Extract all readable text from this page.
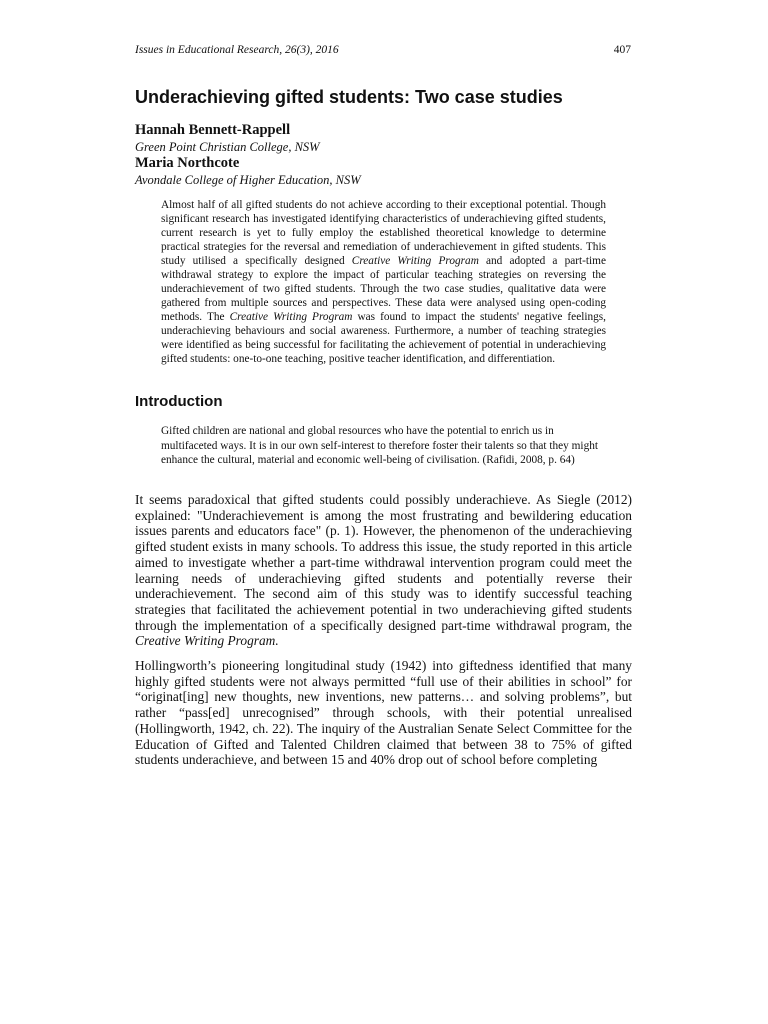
Issues in Educational Research, 26(3), 2016	407
Underachieving gifted students: Two case studies
Hannah Bennett-Rappell
Green Point Christian College, NSW
Maria Northcote
Avondale College of Higher Education, NSW

Almost half of all gifted students do not achieve according to their exceptional potential. Though significant research has investigated identifying characteristics of underachieving gifted students, current research is yet to fully employ the established theoretical knowledge to determine practical strategies for the reversal and remediation of underachievement in gifted students. This study utilised a specifically designed Creative Writing Program and adopted a part-time withdrawal strategy to explore the impact of particular teaching strategies on reversing the underachievement of two gifted students. Through the two case studies, qualitative data were gathered from multiple sources and perspectives. These data were analysed using open-coding methods. The Creative Writing Program was found to impact the students' negative feelings, underachieving behaviours and social awareness. Furthermore, a number of teaching strategies were identified as being successful for facilitating the achievement of potential in underachieving gifted students: one-to-one teaching, positive teacher identification, and differentiation.

Introduction

Gifted children are national and global resources who have the potential to enrich us in multifaceted ways. It is in our own self-interest to therefore foster their talents so that they might enhance the cultural, material and economic well-being of civilisation. (Rafidi, 2008, p. 64)

It seems paradoxical that gifted students could possibly underachieve. As Siegle (2012) explained: "Underachievement is among the most frustrating and bewildering education issues parents and educators face" (p. 1). However, the phenomenon of the underachieving gifted student exists in many schools. To address this issue, the study reported in this article aimed to investigate whether a part-time withdrawal intervention program could meet the learning needs of underachieving gifted students and potentially reverse their underachievement. The second aim of this study was to identify successful teaching strategies that facilitated the achievement potential in two underachieving gifted students through the implementation of a specifically designed part-time withdrawal program, the Creative Writing Program.

Hollingworth’s pioneering longitudinal study (1942) into giftedness identified that many highly gifted students were not always permitted “full use of their abilities in school” for “originat[ing] new thoughts, new inventions, new patterns… and solving problems”, but rather “pass[ed] unrecognised” through schools, with their potential unrealised (Hollingworth, 1942, ch. 22). The inquiry of the Australian Senate Select Committee for the Education of Gifted and Talented Children claimed that between 38 to 75% of gifted students underachieve, and between 15 and 40% drop out of school before completing
